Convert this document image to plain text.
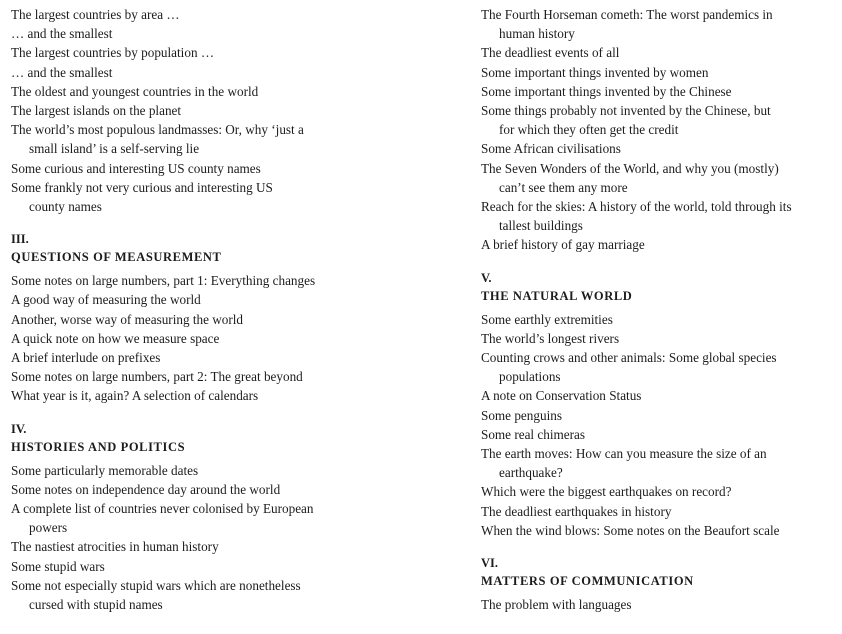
The largest countries by area …

… and the smallest

The largest countries by population …

… and the smallest

The oldest and youngest countries in the world

The largest islands on the planet

The world’s most populous landmasses: Or, why ‘just a small island’ is a self-serving lie

Some curious and interesting US county names

Some frankly not very curious and interesting US county names

III.

QUESTIONS OF MEASUREMENT

Some notes on large numbers, part 1: Everything changes

A good way of measuring the world

Another, worse way of measuring the world

A quick note on how we measure space

A brief interlude on prefixes

Some notes on large numbers, part 2: The great beyond

What year is it, again? A selection of calendars

IV.

HISTORIES AND POLITICS

Some particularly memorable dates

Some notes on independence day around the world

A complete list of countries never colonised by European powers

The nastiest atrocities in human history

Some stupid wars

Some not especially stupid wars which are nonetheless cursed with stupid names

The Fourth Horseman cometh: The worst pandemics in human history

The deadliest events of all

Some important things invented by women

Some important things invented by the Chinese

Some things probably not invented by the Chinese, but for which they often get the credit

Some African civilisations

The Seven Wonders of the World, and why you (mostly) can’t see them any more

Reach for the skies: A history of the world, told through its tallest buildings

A brief history of gay marriage

V.

THE NATURAL WORLD

Some earthly extremities

The world’s longest rivers

Counting crows and other animals: Some global species populations

A note on Conservation Status

Some penguins

Some real chimeras

The earth moves: How can you measure the size of an earthquake?

Which were the biggest earthquakes on record?

The deadliest earthquakes in history

When the wind blows: Some notes on the Beaufort scale

VI.

MATTERS OF COMMUNICATION

The problem with languages
